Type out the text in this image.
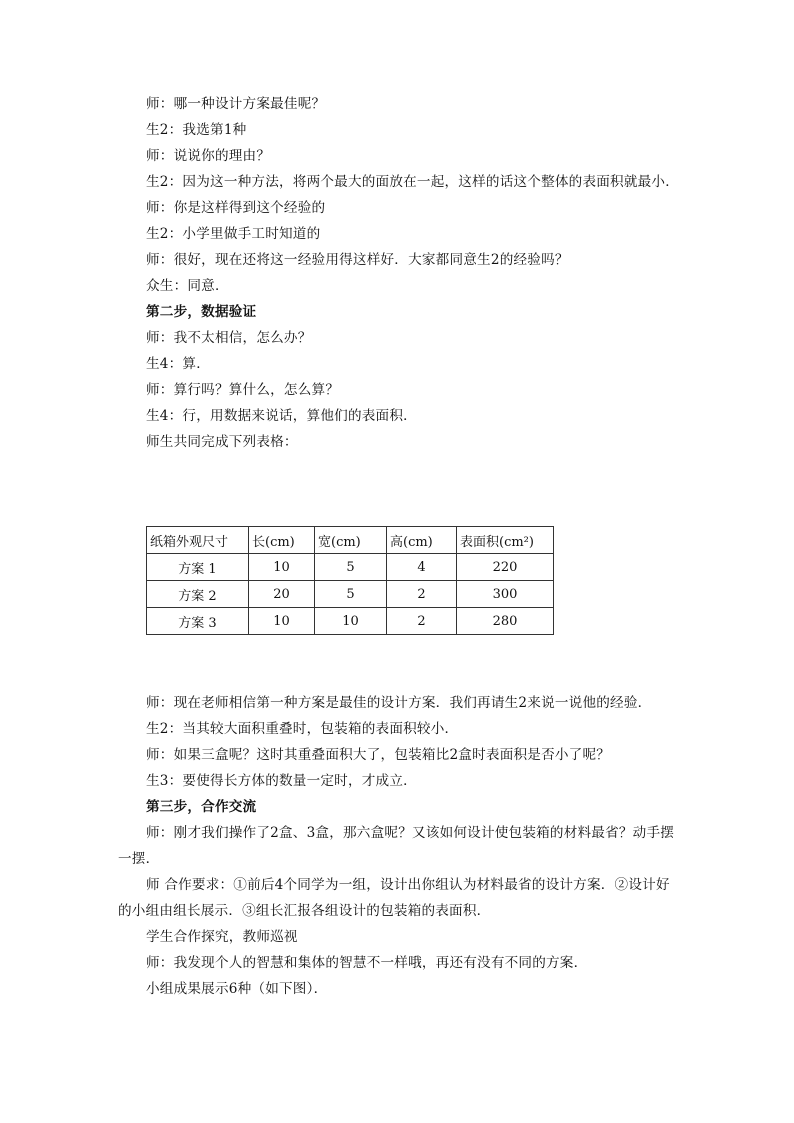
师：哪一种设计方案最佳呢？

生2：我选第1种

师：说说你的理由？

生2：因为这一种方法，将两个最大的面放在一起，这样的话这个整体的表面积就最小．

师：你是这样得到这个经验的

生2：小学里做手工时知道的

师：很好，现在还将这一经验用得这样好．大家都同意生2的经验吗？

众生：同意．

第二步，数据验证

师：我不太相信，怎么办？

生4：算．

师：算行吗？算什么，怎么算？

生4：行，用数据来说话，算他们的表面积．

师生共同完成下列表格：

纸箱外观尺寸	长(cm)	宽(cm)	高(cm)	表面积(cm²)
方案 1	10	5	4	220
方案 2	20	5	2	300
方案 3	10	10	2	280

师：现在老师相信第一种方案是最佳的设计方案．我们再请生2来说一说他的经验．

生2：当其较大面积重叠时，包装箱的表面积较小．

师：如果三盒呢？这时其重叠面积大了，包装箱比2盒时表面积是否小了呢？

生3：要使得长方体的数量一定时，才成立．

第三步，合作交流

师：刚才我们操作了2盒、3盒，那六盒呢？又该如何设计使包装箱的材料最省？动手摆一摆．

师 合作要求：①前后4个同学为一组，设计出你组认为材料最省的设计方案．②设计好的小组由组长展示．③组长汇报各组设计的包装箱的表面积．

学生合作探究，教师巡视

师：我发现个人的智慧和集体的智慧不一样哦，再还有没有不同的方案．

小组成果展示6种（如下图）．
